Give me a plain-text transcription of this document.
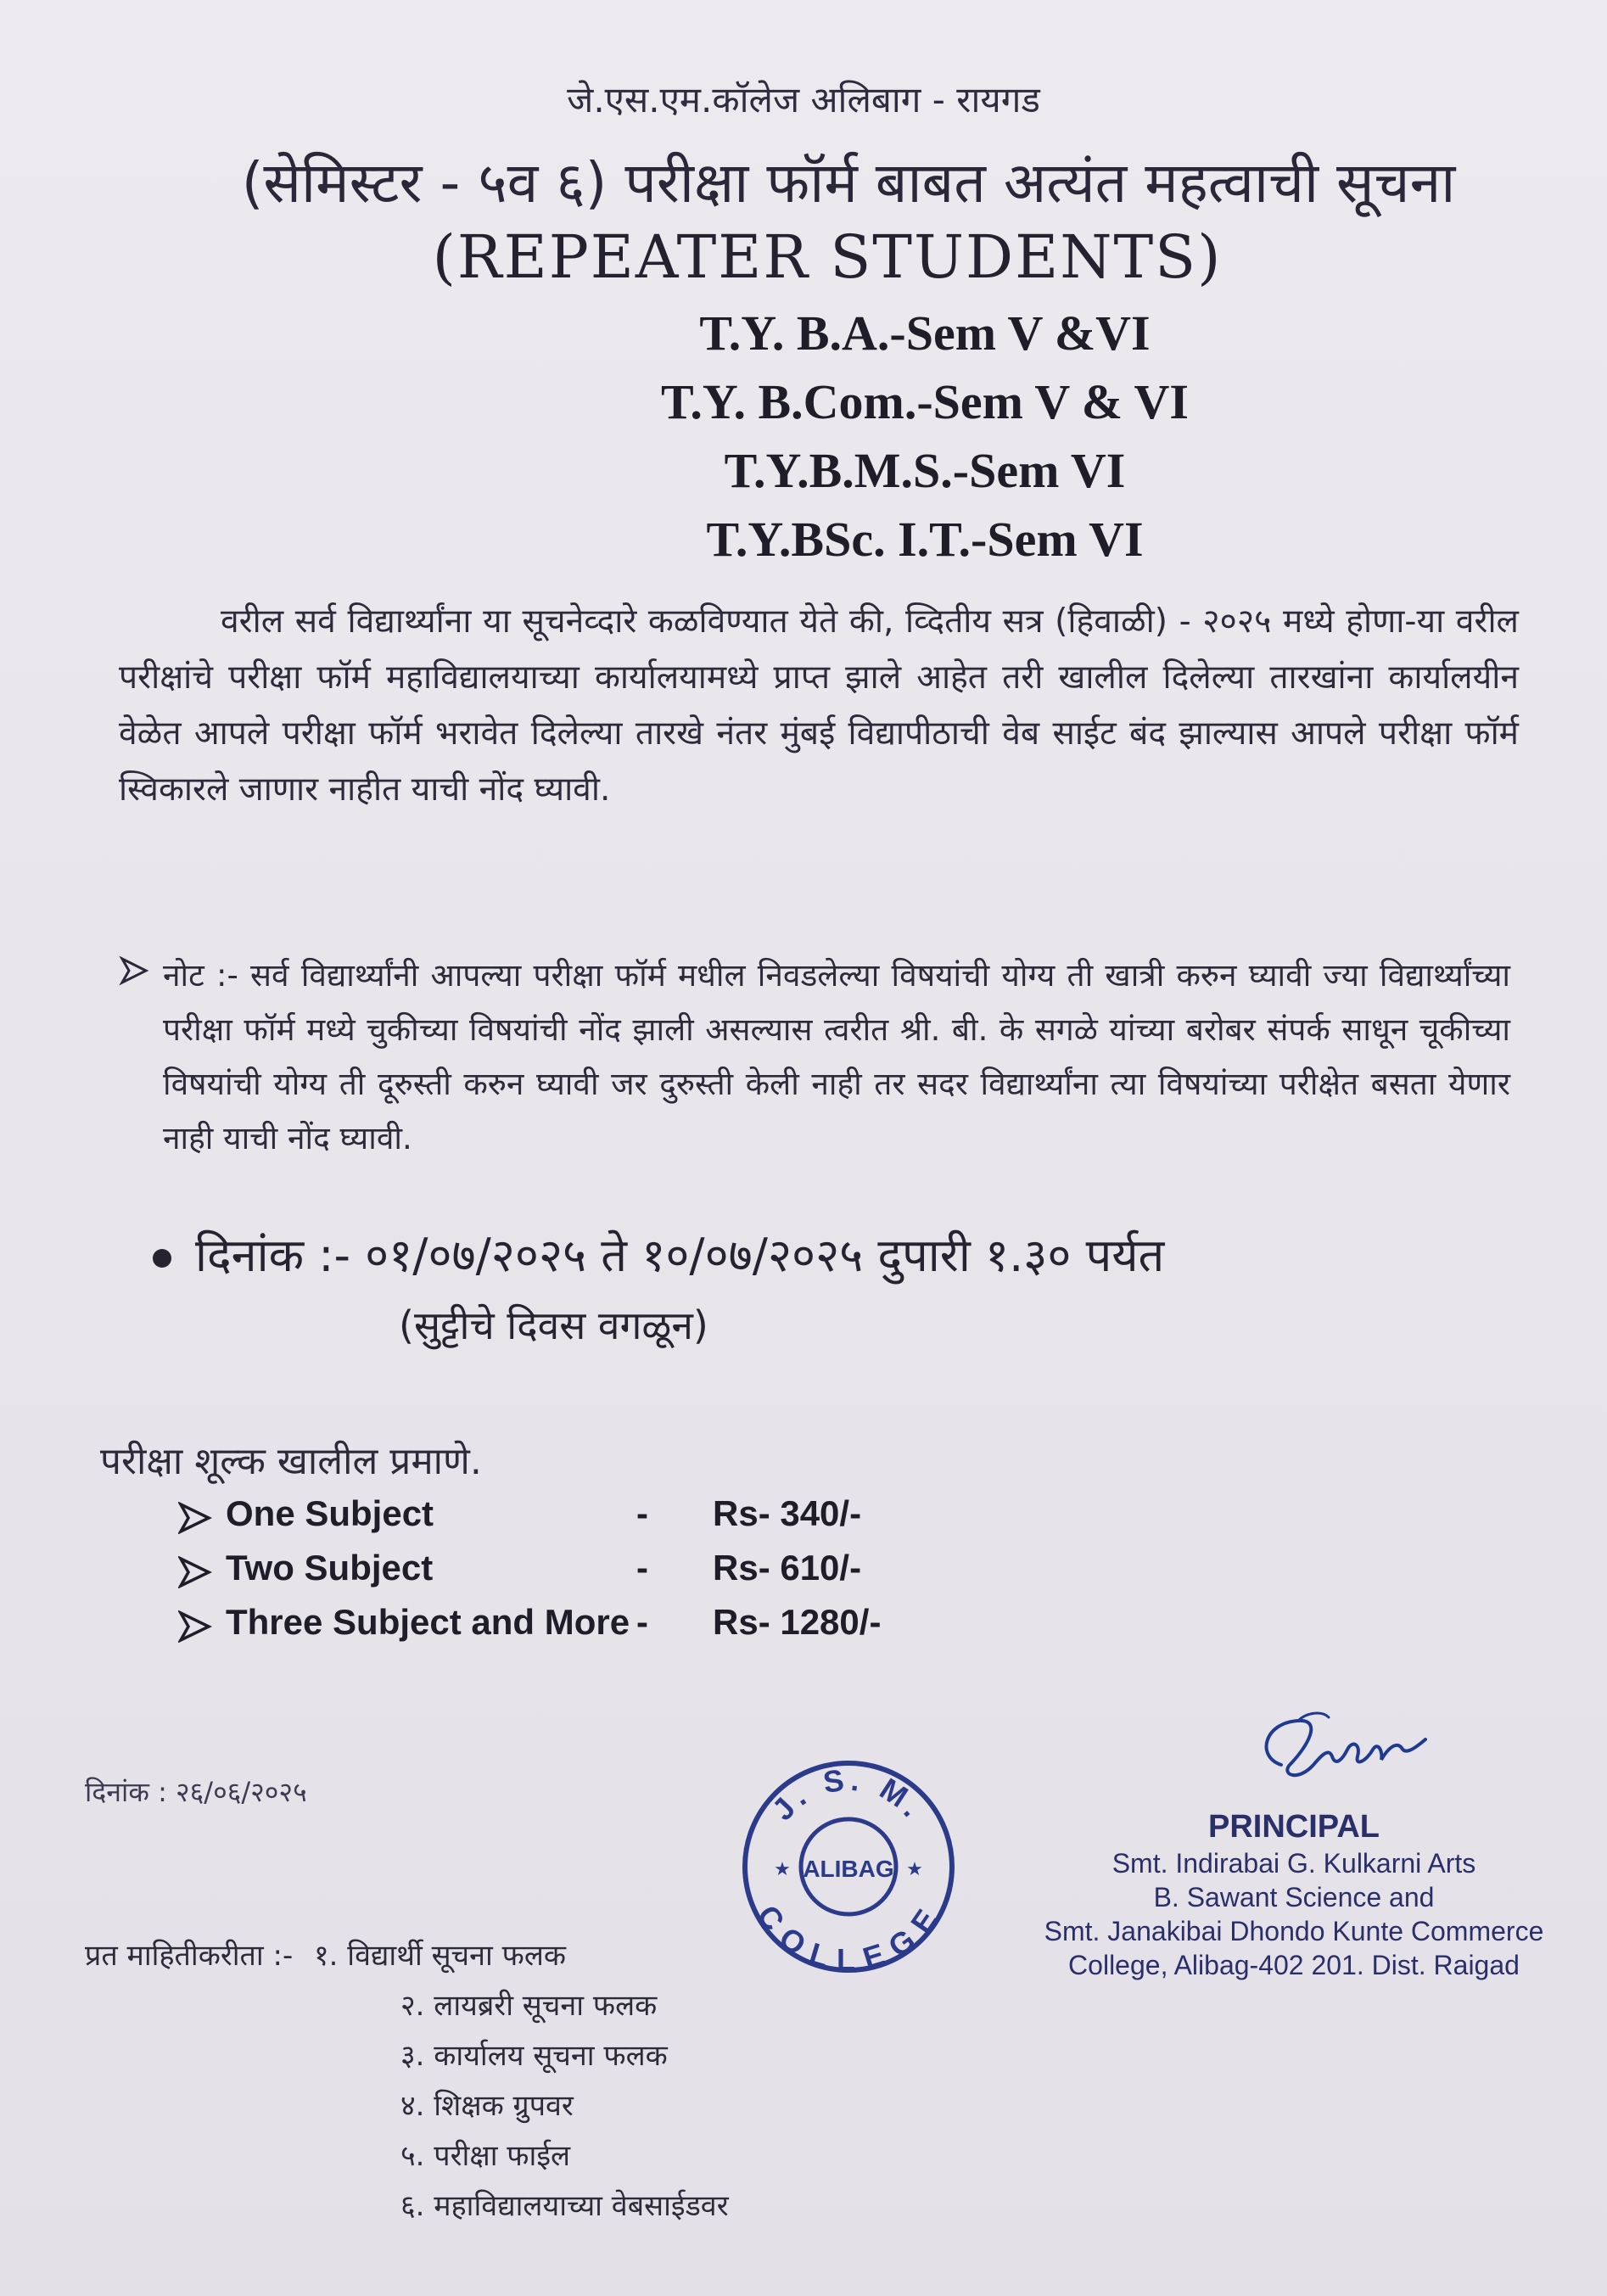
जे.एस.एम.कॉलेज अलिबाग - रायगड
(सेमिस्टर - ५व ६) परीक्षा फॉर्म बाबत अत्यंत महत्वाची सूचना
(REPEATER STUDENTS)
T.Y. B.A.-Sem V &VI
T.Y. B.Com.-Sem V & VI
T.Y.B.M.S.-Sem VI
T.Y.BSc. I.T.-Sem VI

वरील सर्व विद्यार्थ्यांना या सूचनेव्दारे कळविण्यात येते की, व्दितीय सत्र (हिवाळी) - २०२५ मध्ये होणा-या वरील परीक्षांचे परीक्षा फॉर्म महाविद्यालयाच्या कार्यालयामध्ये प्राप्त झाले आहेत तरी खालील दिलेल्या तारखांना कार्यालयीन वेळेत आपले परीक्षा फॉर्म भरावेत दिलेल्या तारखे नंतर मुंबई विद्यापीठाची वेब साईट बंद झाल्यास आपले परीक्षा फॉर्म स्विकारले जाणार नाहीत याची नोंद घ्यावी.

नोट :- सर्व विद्यार्थ्यांनी आपल्या परीक्षा फॉर्म मधील निवडलेल्या विषयांची योग्य ती खात्री करुन घ्यावी ज्या विद्यार्थ्यांच्या परीक्षा फॉर्म मध्ये चुकीच्या विषयांची नोंद झाली असल्यास त्वरीत श्री. बी. के सगळे यांच्या बरोबर संपर्क साधून चूकीच्या विषयांची योग्य ती दूरुस्ती करुन घ्यावी जर दुरुस्ती केली नाही तर सदर विद्यार्थ्यांना त्या विषयांच्या परीक्षेत बसता येणार नाही याची नोंद घ्यावी.

दिनांक :- ०१/०७/२०२५ ते १०/०७/२०२५ दुपारी १.३० पर्यत
(सुट्टीचे दिवस वगळून)
परीक्षा शूल्क खालील प्रमाणे.
One Subject	- Rs- 340/-
Two Subject	- Rs- 610/-
Three Subject and More - Rs- 1280/-
दिनांक : २६/०६/२०२५	J. S. M.
COLLEGE
ALIBAG
★	★
PRINCIPAL
Smt. Indirabai G. Kulkarni Arts
B. Sawant Science and
Smt. Janakibai Dhondo Kunte Commerce
College, Alibag-402 201. Dist. Raigad
प्रत माहितीकरीता :- १. विद्यार्थी सूचना फलक
२. लायब्ररी सूचना फलक
३. कार्यालय सूचना फलक
४. शिक्षक ग्रुपवर
५. परीक्षा फाईल
६. महाविद्यालयाच्या वेबसाईडवर
